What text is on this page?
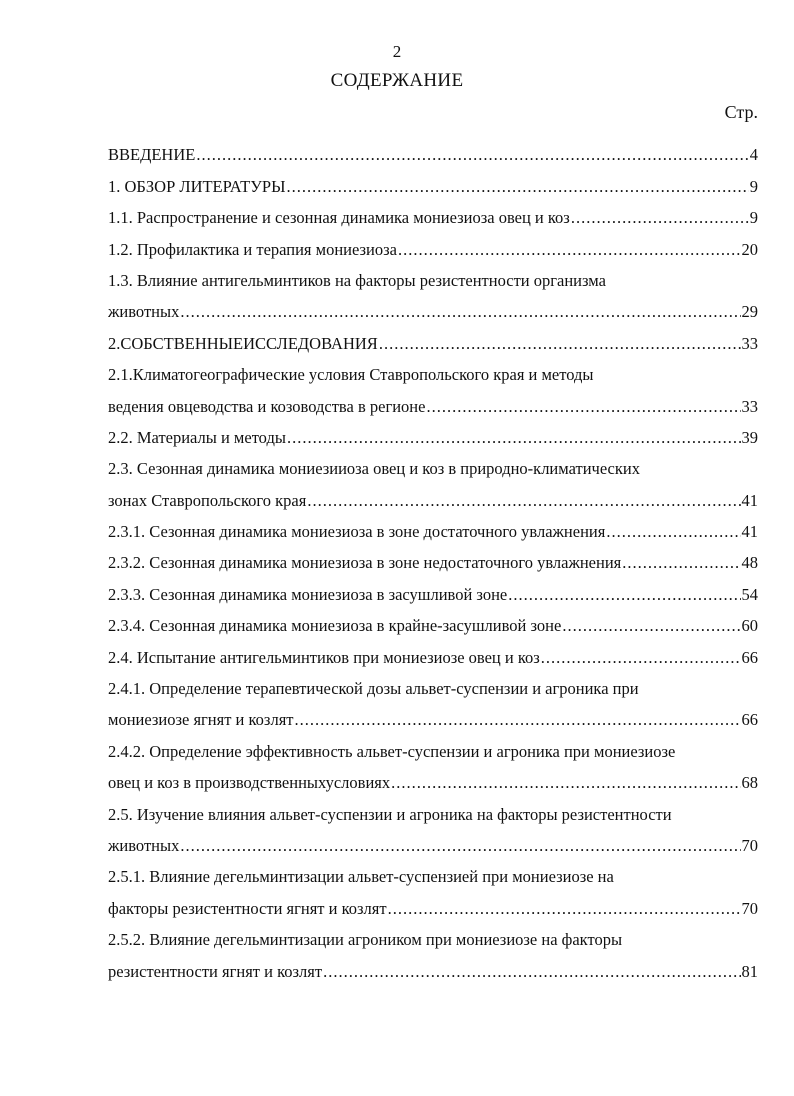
2
СОДЕРЖАНИЕ
Стр.
ВВЕДЕНИЕ .....	4
1. ОБЗОР ЛИТЕРАТУРЫ .....	9
1.1. Распространение и сезонная динамика мониезиоза овец и коз .....	9
1.2. Профилактика и терапия мониезиоза .....	20
1.3. Влияние антигельминтиков на факторы резистентности организма
животных .....	29
2.СОБСТВЕННЫЕИССЛЕДОВАНИЯ .....	33
2.1.Климатогеографические условия Ставропольского края и методы
ведения овцеводства и козоводства в регионе .....	33
2.2. Материалы и методы .....	39
2.3. Сезонная динамика мониезииоза овец и коз в природно-климатических
зонах Ставропольского края .....	41
2.3.1. Сезонная динамика мониезиоза в зоне достаточного увлажнения .....	41
2.3.2. Сезонная динамика мониезиоза в зоне недостаточного увлажнения .....	48
2.3.3. Сезонная динамика мониезиоза в засушливой зоне .....	54
2.3.4. Сезонная динамика мониезиоза в крайне-засушливой зоне .....	60
2.4. Испытание антигельминтиков при мониезиозе овец и коз .....	66
2.4.1. Определение терапевтической дозы альвет-суспензии и агроника при
мониезиозе ягнят и козлят .....	66
2.4.2. Определение эффективность альвет-суспензии и агроника при мониезиозе
овец и коз в производственныхусловиях .....	68
2.5. Изучение влияния альвет-суспензии и агроника на факторы резистентности
животных .....	70
2.5.1. Влияние дегельминтизации альвет-суспензией при мониезиозе на
факторы резистентности ягнят и козлят .....	70
2.5.2. Влияние дегельминтизации агроником при мониезиозе на факторы
резистентности ягнят и козлят .....	81
